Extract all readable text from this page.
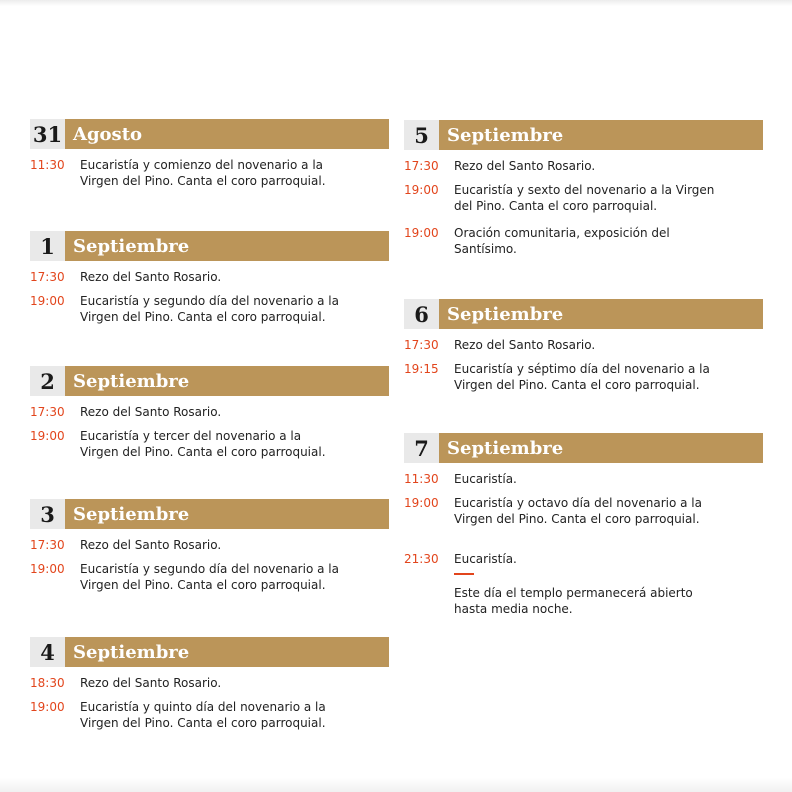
31 Agosto
11:30	Eucaristía y comienzo del novenario a la Virgen del Pino. Canta el coro parroquial.
1	Septiembre
17:30	Rezo del Santo Rosario.
19:00	Eucaristía y segundo día del novenario a la Virgen del Pino. Canta el coro parroquial.
2	Septiembre
17:30	Rezo del Santo Rosario.
19:00	Eucaristía y tercer del novenario a la Virgen del Pino. Canta el coro parroquial.
3	Septiembre
17:30	Rezo del Santo Rosario.
19:00	Eucaristía y segundo día del novenario a la Virgen del Pino. Canta el coro parroquial.
4	Septiembre
18:30	Rezo del Santo Rosario.
19:00	Eucaristía y quinto día del novenario a la Virgen del Pino. Canta el coro parroquial.
5	Septiembre
17:30	Rezo del Santo Rosario.
19:00	Eucaristía y sexto del novenario a la Virgen del Pino. Canta el coro parroquial.
19:00	Oración comunitaria, exposición del Santísimo.
6	Septiembre
17:30	Rezo del Santo Rosario.
19:15	Eucaristía y séptimo día del novenario a la Virgen del Pino. Canta el coro parroquial.
7	Septiembre
11:30	Eucaristía.
19:00	Eucaristía y octavo día del novenario a la Virgen del Pino. Canta el coro parroquial.
21:30	Eucaristía.
Este día el templo permanecerá abierto hasta media noche.
